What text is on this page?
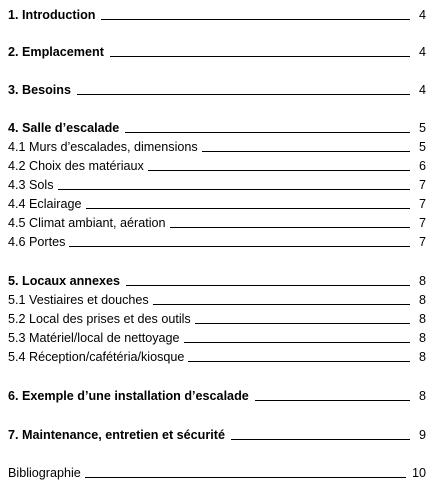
1. Introduction	4
2. Emplacement	4
3. Besoins	4
4. Salle d’escalade	5
4.1 Murs d’escalades, dimensions	5
4.2 Choix des matériaux	6
4.3 Sols	7
4.4 Eclairage	7
4.5 Climat ambiant, aération	7
4.6 Portes	7
5. Locaux annexes	8
5.1 Vestiaires et douches	8
5.2 Local des prises et des outils	8
5.3 Matériel/local de nettoyage	8
5.4 Réception/cafétéria/kiosque	8
6. Exemple d’une installation d’escalade	8
7. Maintenance, entretien et sécurité	9
Bibliographie	10
